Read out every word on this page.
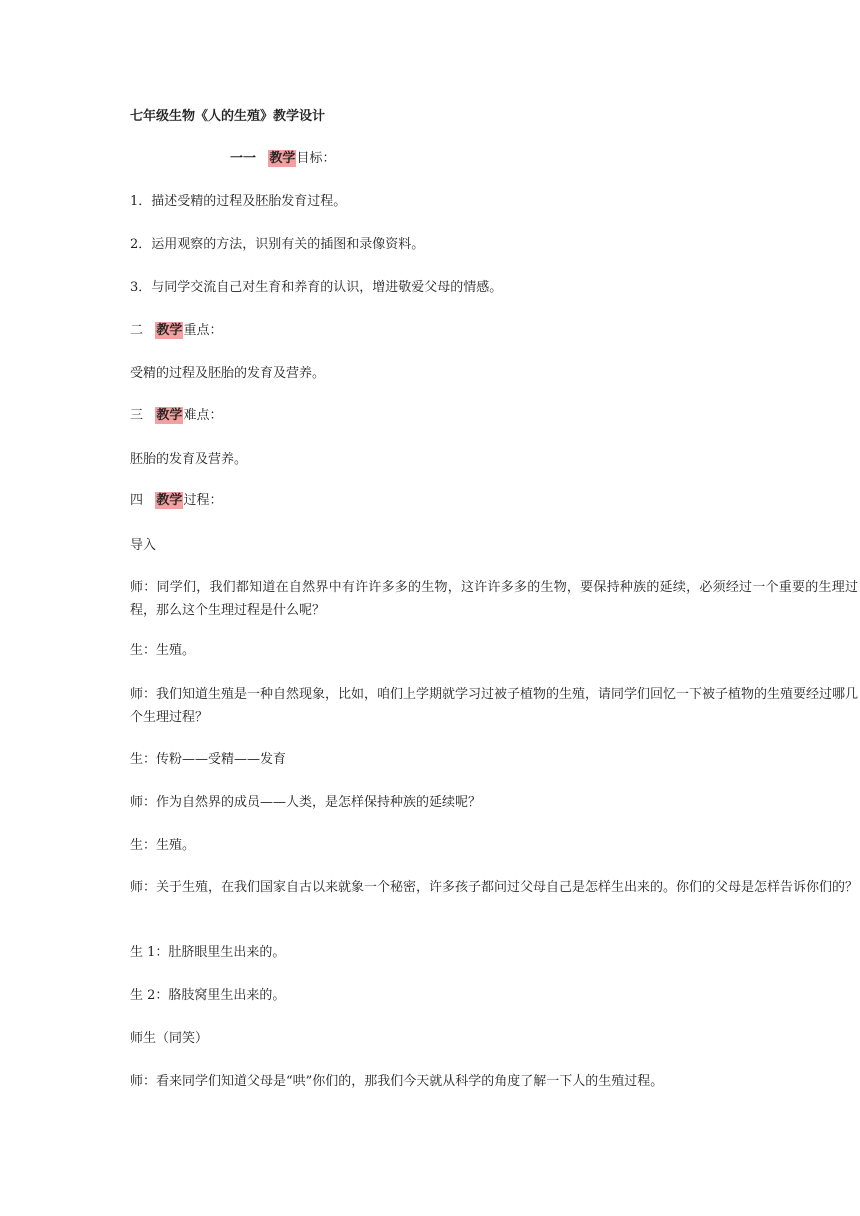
七年级生物《人的生殖》教学设计
一一 教学目标：
1．描述受精的过程及胚胎发育过程。
2．运用观察的方法，识别有关的插图和录像资料。
3．与同学交流自己对生育和养育的认识，增进敬爱父母的情感。
二 教学重点：
受精的过程及胚胎的发育及营养。
三 教学难点：
胚胎的发育及营养。
四 教学过程：
导入
师：同学们，我们都知道在自然界中有许许多多的生物，这许许多多的生物，要保持种族的延续，必须经过一个重要的生理过程，那么这个生理过程是什么呢？
生：生殖。
师：我们知道生殖是一种自然现象，比如，咱们上学期就学习过被子植物的生殖，请同学们回忆一下被子植物的生殖要经过哪几个生理过程？
生：传粉——受精——发育
师：作为自然界的成员——人类，是怎样保持种族的延续呢？
生：生殖。
师：关于生殖，在我们国家自古以来就象一个秘密，许多孩子都问过父母自己是怎样生出来的。你们的父母是怎样告诉你们的？
生 1：肚脐眼里生出来的。
生 2：胳肢窝里生出来的。
师生（同笑）
师：看来同学们知道父母是“哄”你们的，那我们今天就从科学的角度了解一下人的生殖过程。
